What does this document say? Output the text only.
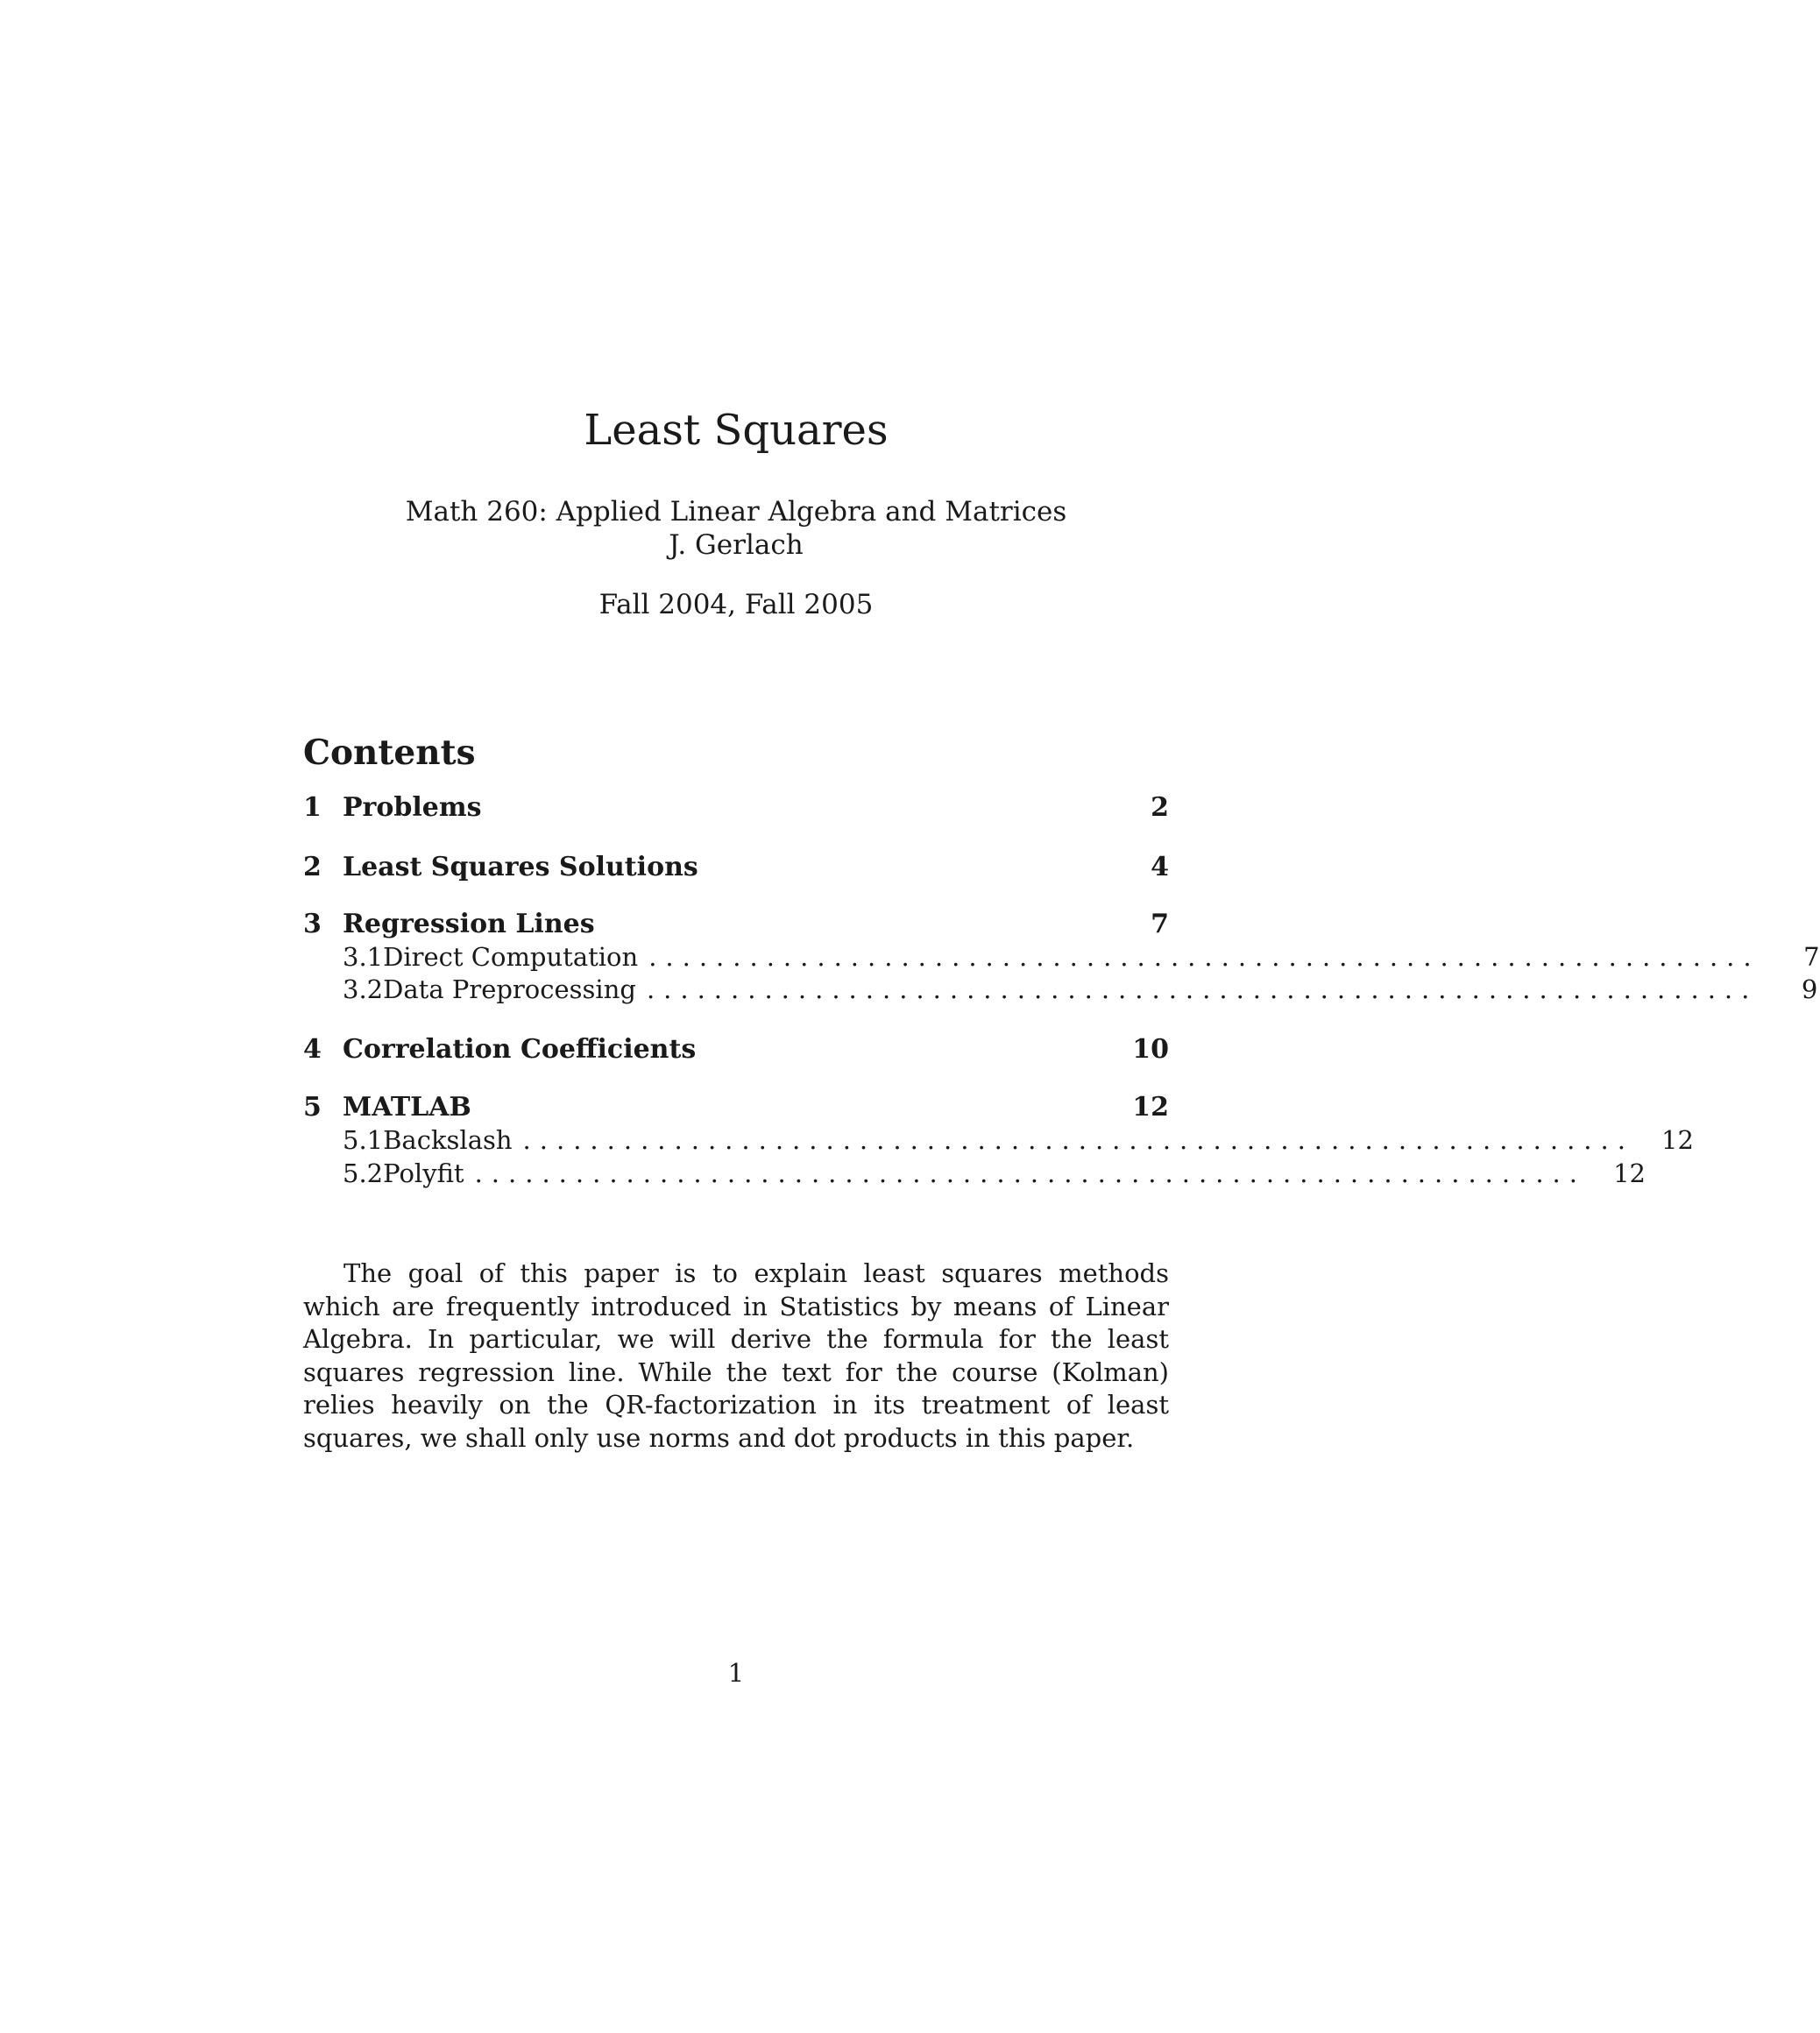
Least Squares
Math 260: Applied Linear Algebra and Matrices
J. Gerlach
Fall 2004, Fall 2005
Contents
1 Problems	2
2 Least Squares Solutions	4
3 Regression Lines	7
3.1 Direct Computation ..................................................................	7
3.2 Data Preprocessing ..................................................................	9
4 Correlation Coefficients	10
5 MATLAB	12
5.1 Backslash .................................................................. 12
5.2 Polyfit .................................................................. 12

The goal of this paper is to explain least squares methods which are frequently introduced in Statistics by means of Linear Algebra. In particular, we will derive the formula for the least squares regression line. While the text for the course (Kolman) relies heavily on the QR-factorization in its treatment of least squares, we shall only use norms and dot products in this paper.

1
